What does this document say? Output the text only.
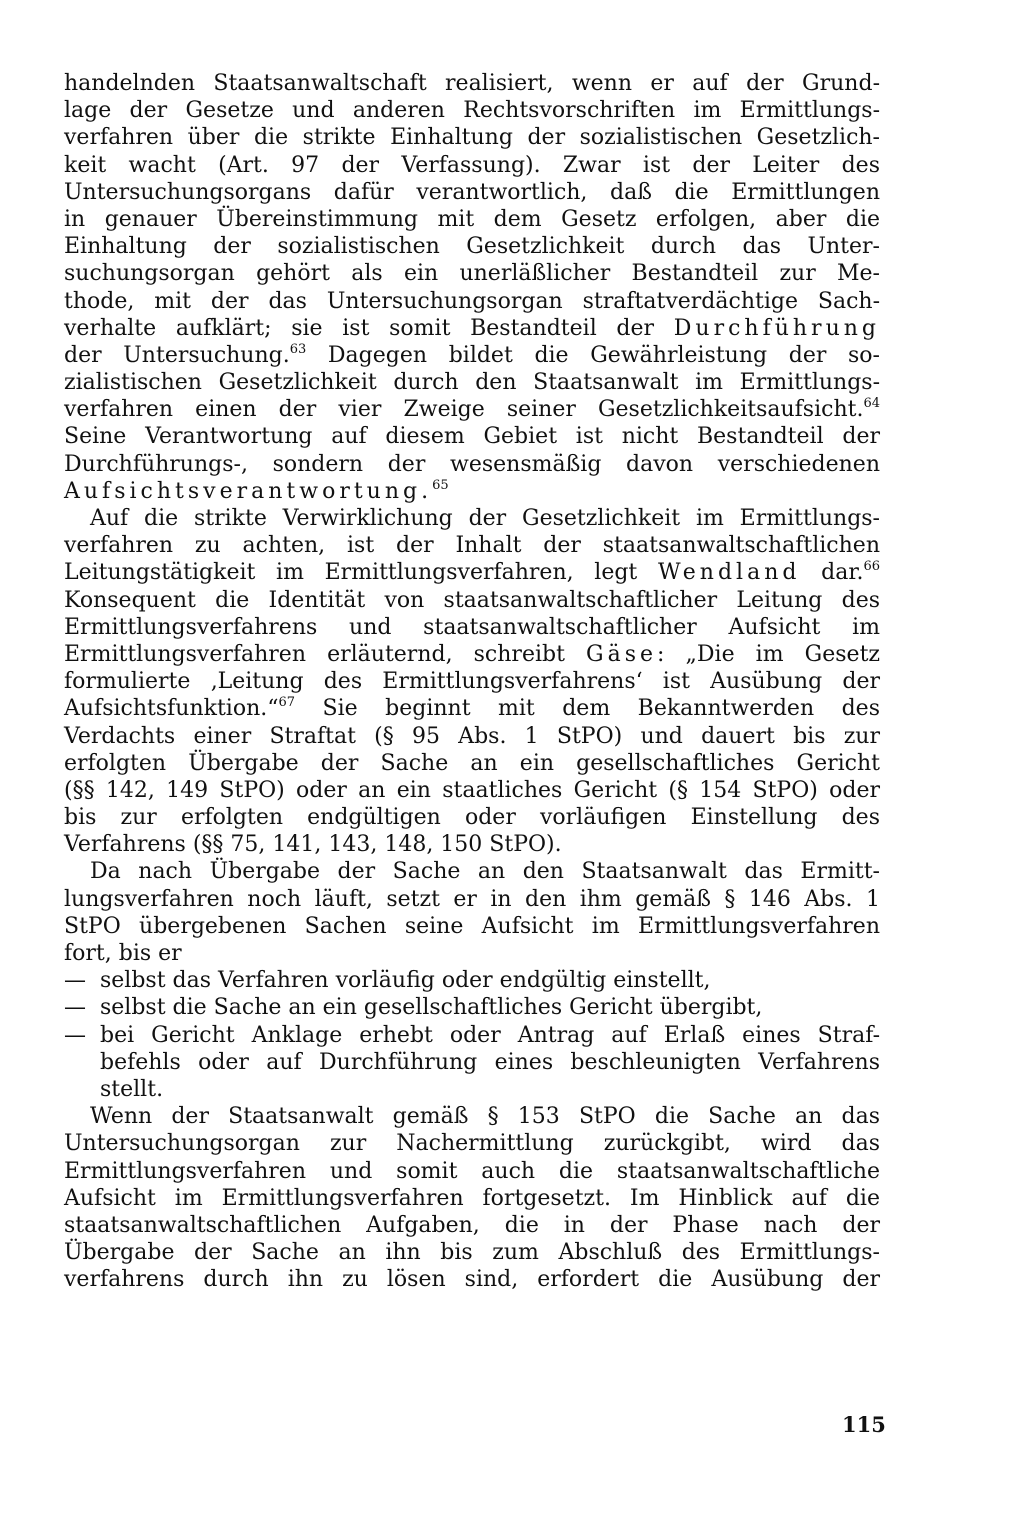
handelnden Staatsanwaltschaft realisiert, wenn er auf der Grund-
lage der Gesetze und anderen Rechtsvorschriften im Ermittlungs-
verfahren über die strikte Einhaltung der sozialistischen Gesetzlich-
keit wacht (Art. 97 der Verfassung). Zwar ist der Leiter des
Untersuchungsorgans dafür verantwortlich, daß die Ermittlungen
in genauer Übereinstimmung mit dem Gesetz erfolgen, aber die
Einhaltung der sozialistischen Gesetzlichkeit durch das Unter-
suchungsorgan gehört als ein unerläßlicher Bestandteil zur Me-
thode, mit der das Untersuchungsorgan straftatverdächtige Sach-
verhalte aufklärt; sie ist somit Bestandteil der Durchführung
der Untersuchung.$^{63}$ Dagegen bildet die Gewährleistung der so-
zialistischen Gesetzlichkeit durch den Staatsanwalt im Ermittlungs-
verfahren einen der vier Zweige seiner Gesetzlichkeitsaufsicht.$^{64}$
Seine Verantwortung auf diesem Gebiet ist nicht Bestandteil der
Durchführungs-, sondern der wesensmäßig davon verschiedenen
Aufsichtsverantwortung.$^{65}$
Auf die strikte Verwirklichung der Gesetzlichkeit im Ermittlungs-
verfahren zu achten, ist der Inhalt der staatsanwaltschaftlichen
Leitungstätigkeit im Ermittlungsverfahren, legt Wendland dar.$^{66}$
Konsequent die Identität von staatsanwaltschaftlicher Leitung des
Ermittlungsverfahrens und staatsanwaltschaftlicher Aufsicht im
Ermittlungsverfahren erläuternd, schreibt Gäse: „Die im Gesetz
formulierte ‚Leitung des Ermittlungsverfahrens‘ ist Ausübung der
Aufsichtsfunktion.“$^{67}$ Sie beginnt mit dem Bekanntwerden des
Verdachts einer Straftat (§ 95 Abs. 1 StPO) und dauert bis zur
erfolgten Übergabe der Sache an ein gesellschaftliches Gericht
(§§ 142, 149 StPO) oder an ein staatliches Gericht (§ 154 StPO) oder
bis zur erfolgten endgültigen oder vorläufigen Einstellung des
Verfahrens (§§ 75, 141, 143, 148, 150 StPO).
Da nach Übergabe der Sache an den Staatsanwalt das Ermitt-
lungsverfahren noch läuft, setzt er in den ihm gemäß § 146 Abs. 1
StPO übergebenen Sachen seine Aufsicht im Ermittlungsverfahren
fort, bis er
— selbst das Verfahren vorläufig oder endgültig einstellt,
— selbst die Sache an ein gesellschaftliches Gericht übergibt,
— bei Gericht Anklage erhebt oder Antrag auf Erlaß eines Straf-
befehls oder auf Durchführung eines beschleunigten Verfahrens
stellt.
Wenn der Staatsanwalt gemäß § 153 StPO die Sache an das
Untersuchungsorgan zur Nachermittlung zurückgibt, wird das
Ermittlungsverfahren und somit auch die staatsanwaltschaftliche
Aufsicht im Ermittlungsverfahren fortgesetzt. Im Hinblick auf die
staatsanwaltschaftlichen Aufgaben, die in der Phase nach der
Übergabe der Sache an ihn bis zum Abschluß des Ermittlungs-
verfahrens durch ihn zu lösen sind, erfordert die Ausübung der
115
